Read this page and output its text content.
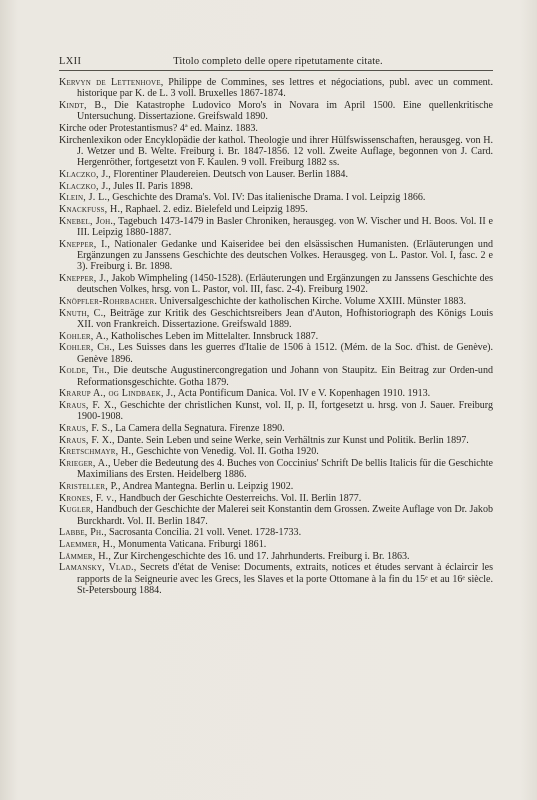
LXII	Titolo completo delle opere ripetutamente citate.

Kervyn de Lettenhove, Philippe de Commines, ses lettres et négociations, publ. avec un comment. historique par K. de L. 3 voll. Bruxelles 1867-1874.

Kindt, B., Die Katastrophe Ludovico Moro's in Novara im April 1500. Eine quellenkritische Untersuchung. Dissertazione. Greifswald 1890.

Kirche oder Protestantismus? 4ª ed. Mainz. 1883.

Kirchenlexikon oder Encyklopädie der kathol. Theologie und ihrer Hülfswissenschaften, herausgeg. von H. J. Wetzer und B. Welte. Freiburg i. Br. 1847-1856. 12 voll. Zweite Auflage, begonnen von J. Card. Hergenröther, fortgesetzt von F. Kaulen. 9 voll. Freiburg 1882 ss.

Klaczko, J., Florentiner Plaudereien. Deutsch von Lauser. Berlin 1884.

Klaczko, J., Jules II. Paris 1898.

Klein, J. L., Geschichte des Drama's. Vol. IV: Das italienische Drama. I vol. Leipzig 1866.

Knackfuss, H., Raphael. 2. ediz. Bielefeld und Leipzig 1895.

Knebel, Joh., Tagebuch 1473-1479 in Basler Chroniken, herausgeg. von W. Vischer und H. Boos. Vol. II e III. Leipzig 1880-1887.

Knepper, I., Nationaler Gedanke und Kaiseridee bei den elsässischen Humanisten. (Erläuterungen und Ergänzungen zu Janssens Geschichte des deutschen Volkes. Herausgeg. von L. Pastor. Vol. I, fasc. 2 e 3). Freiburg i. Br. 1898.

Knepper, J., Jakob Wimpheling (1450-1528). (Erläuterungen und Ergänzungen zu Janssens Geschichte des deutschen Volkes, hrsg. von L. Pastor, vol. III, fasc. 2-4). Freiburg 1902.

Knöpfler-Rohrbacher. Universalgeschichte der katholischen Kirche. Volume XXIII. Münster 1883.

Knuth, C., Beiträge zur Kritik des Geschichtsreibers Jean d'Auton, Hofhistoriograph des Königs Louis XII. von Frankreich. Dissertazione. Greifswald 1889.

Kohler, A., Katholisches Leben im Mittelalter. Innsbruck 1887.

Kohler, Ch., Les Suisses dans les guerres d'Italie de 1506 à 1512. (Mém. de la Soc. d'hist. de Genève). Genève 1896.

Kolde, Th., Die deutsche Augustinercongregation und Johann von Staupitz. Ein Beitrag zur Orden-und Reformationsgeschichte. Gotha 1879.

Krarup A., og Lindbaek, J., Acta Pontificum Danica. Vol. IV e V. Kopenhagen 1910. 1913.

Kraus, F. X., Geschichte der christlichen Kunst, vol. II, p. II, fortgesetzt u. hrsg. von J. Sauer. Freiburg 1900-1908.

Kraus, F. S., La Camera della Segnatura. Firenze 1890.

Kraus, F. X., Dante. Sein Leben und seine Werke, sein Verhältnis zur Kunst und Politik. Berlin 1897.

Kretschmayr, H., Geschichte von Venedig. Vol. II. Gotha 1920.

Krieger, A., Ueber die Bedeutung des 4. Buches von Coccinius' Schrift De bellis Italicis für die Geschichte Maximilians des Ersten. Heidelberg 1886.

Kristeller, P., Andrea Mantegna. Berlin u. Leipzig 1902.

Krones, F. v., Handbuch der Geschichte Oesterreichs. Vol. II. Berlin 1877.

Kugler, Handbuch der Geschichte der Malerei seit Konstantin dem Grossen. Zweite Auflage von Dr. Jakob Burckhardt. Vol. II. Berlin 1847.

Labbe, Ph., Sacrosanta Concilia. 21 voll. Venet. 1728-1733.

Laemmer, H., Monumenta Vaticana. Friburgi 1861.

Lämmer, H., Zur Kirchengeschichte des 16. und 17. Jahrhunderts. Freiburg i. Br. 1863.

Lamansky, Vlad., Secrets d'état de Venise: Documents, extraits, notices et études servant à éclaircir les rapports de la Seigneurie avec les Grecs, les Slaves et la porte Ottomane à la fin du 15ᵉ et au 16ᵉ siècle. St-Petersbourg 1884.
